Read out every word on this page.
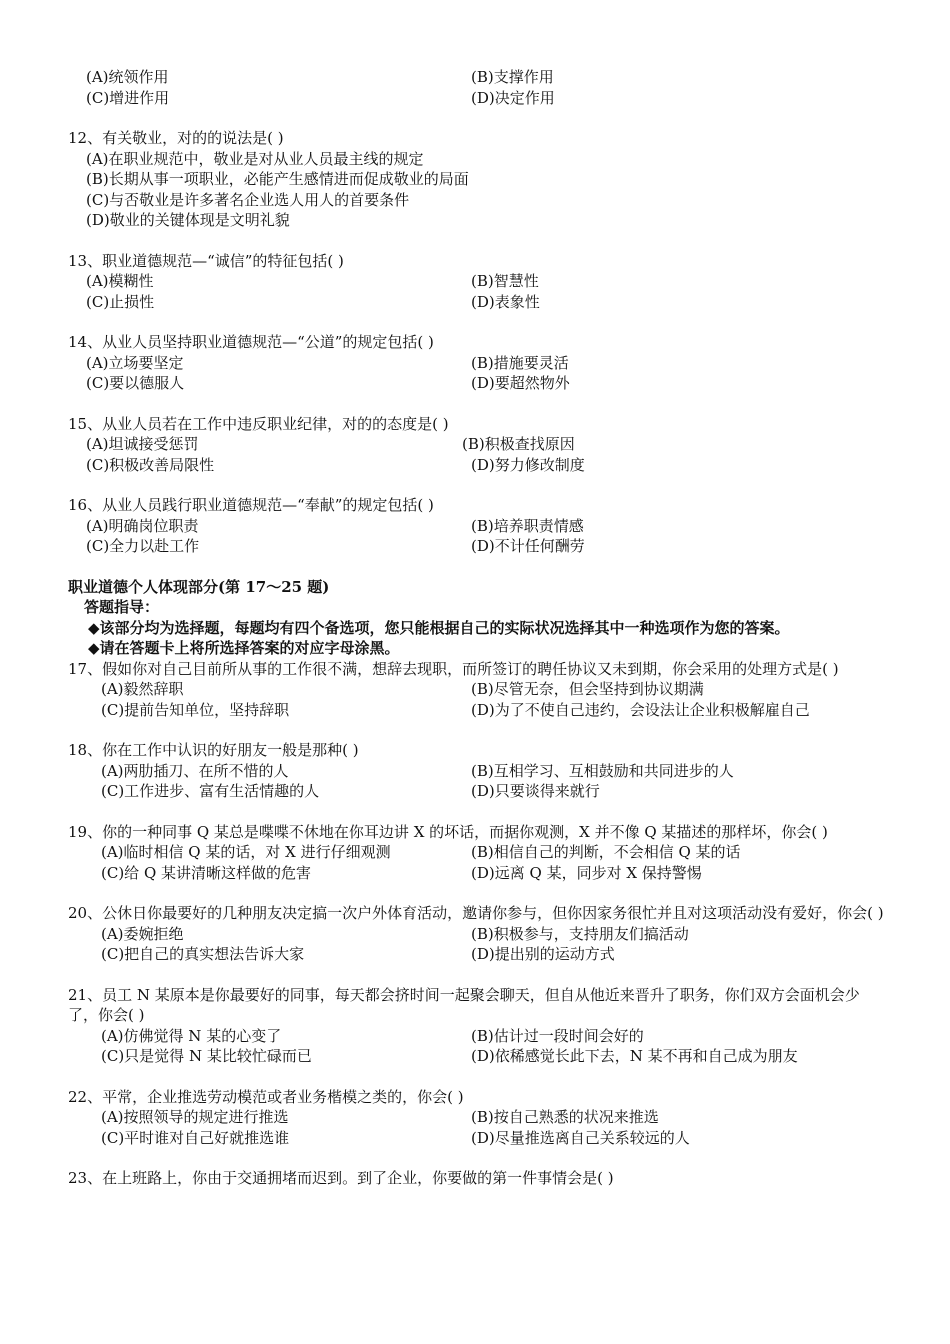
(A)统领作用	(B)支撑作用
(C)增进作用	(D)决定作用
12、有关敬业，对的的说法是( )
(A)在职业规范中，敬业是对从业人员最主线的规定
(B)长期从事一项职业，必能产生感情进而促成敬业的局面
(C)与否敬业是许多著名企业选人用人的首要条件
(D)敬业的关键体现是文明礼貌
13、职业道德规范—“诚信”的特征包括( )
(A)模糊性	(B)智慧性
(C)止损性	(D)表象性
14、从业人员坚持职业道德规范—“公道”的规定包括( )
(A)立场要坚定	(B)措施要灵活
(C)要以德服人	(D)要超然物外
15、从业人员若在工作中违反职业纪律，对的的态度是( )
(A)坦诚接受惩罚	(B)积极查找原因
(C)积极改善局限性	(D)努力修改制度
16、从业人员践行职业道德规范—“奉献”的规定包括( )
(A)明确岗位职责	(B)培养职责情感
(C)全力以赴工作	(D)不计任何酬劳
职业道德个人体现部分(第 17～25 题)
答题指导：
◆该部分均为选择题，每题均有四个备选项，您只能根据自己的实际状况选择其中一种选项作为您的答案。
◆请在答题卡上将所选择答案的对应字母涂黑。
17、假如你对自己目前所从事的工作很不满，想辞去现职，而所签订的聘任协议又未到期，你会采用的处理方式是( )
(A)毅然辞职	(B)尽管无奈，但会坚持到协议期满
(C)提前告知单位，坚持辞职	(D)为了不使自己违约，会设法让企业积极解雇自己
18、你在工作中认识的好朋友一般是那种( )
(A)两肋插刀、在所不惜的人	(B)互相学习、互相鼓励和共同进步的人
(C)工作进步、富有生活情趣的人	(D)只要谈得来就行
19、你的一种同事 Q 某总是喋喋不休地在你耳边讲 X 的坏话，而据你观测，X 并不像 Q 某描述的那样坏，你会( )
(A)临时相信 Q 某的话，对 X 进行仔细观测	(B)相信自己的判断，不会相信 Q 某的话
(C)给 Q 某讲清晰这样做的危害	(D)远离 Q 某，同步对 X 保持警惕
20、公休日你最要好的几种朋友决定搞一次户外体育活动，邀请你参与，但你因家务很忙并且对这项活动没有爱好，你会( )
(A)委婉拒绝	(B)积极参与，支持朋友们搞活动
(C)把自己的真实想法告诉大家	(D)提出别的运动方式
21、员工 N 某原本是你最要好的同事，每天都会挤时间一起聚会聊天，但自从他近来晋升了职务，你们双方会面机会少了，你会( )
(A)仿佛觉得 N 某的心变了	(B)估计过一段时间会好的
(C)只是觉得 N 某比较忙碌而已	(D)依稀感觉长此下去，N 某不再和自己成为朋友
22、平常，企业推选劳动模范或者业务楷模之类的，你会( )
(A)按照领导的规定进行推选	(B)按自己熟悉的状况来推选
(C)平时谁对自己好就推选谁	(D)尽量推选离自己关系较远的人
23、在上班路上，你由于交通拥堵而迟到。到了企业，你要做的第一件事情会是( )
